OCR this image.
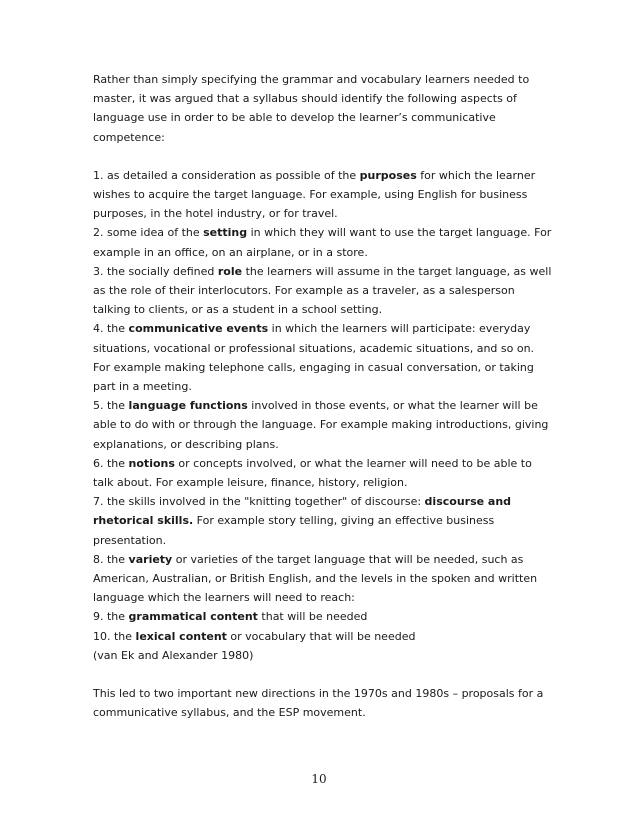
Rather than simply specifying the grammar and vocabulary learners needed to master, it was argued that a syllabus should identify the following aspects of language use in order to be able to develop the learner’s communicative competence:

1. as detailed a consideration as possible of the purposes for which the learner wishes to acquire the target language. For example, using English for business purposes, in the hotel industry, or for travel.

2. some idea of the setting in which they will want to use the target language. For example in an office, on an airplane, or in a store.

3. the socially defined role the learners will assume in the target language, as well as the role of their interlocutors. For example as a traveler, as a salesperson talking to clients, or as a student in a school setting.

4. the communicative events in which the learners will participate: everyday situations, vocational or professional situations, academic situations, and so on. For example making telephone calls, engaging in casual conversation, or taking part in a meeting.

5. the language functions involved in those events, or what the learner will be able to do with or through the language. For example making introductions, giving explanations, or describing plans.

6. the notions or concepts involved, or what the learner will need to be able to talk about. For example leisure, finance, history, religion.

7. the skills involved in the "knitting together" of discourse: discourse and rhetorical skills. For example story telling, giving an effective business presentation.

8. the variety or varieties of the target language that will be needed, such as American, Australian, or British English, and the levels in the spoken and written language which the learners will need to reach:

9. the grammatical content that will be needed

10. the lexical content or vocabulary that will be needed

(van Ek and Alexander 1980)

This led to two important new directions in the 1970s and 1980s – proposals for a communicative syllabus, and the ESP movement.

10
